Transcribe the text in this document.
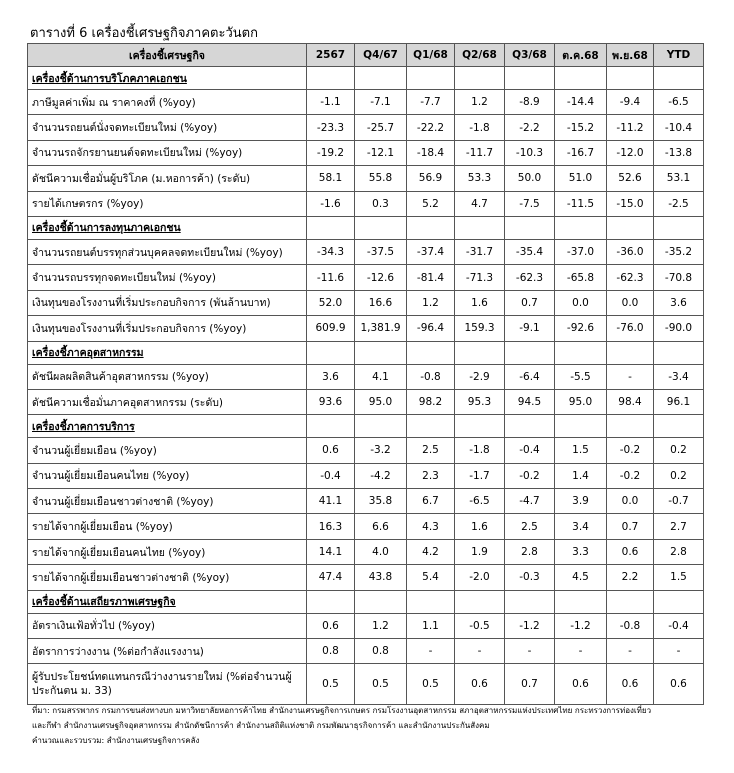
ตารางที่ 6 เครื่องชี้เศรษฐกิจภาคตะวันตก
เครื่องชี้เศรษฐกิจ	2567	Q4/67	Q1/68	Q2/68	Q3/68	ต.ค.68	พ.ย.68	YTD
เครื่องชี้ด้านการบริโภคภาคเอกชน								
ภาษีมูลค่าเพิ่ม ณ ราคาคงที่ (%yoy)	-1.1	-7.1	-7.7	1.2	-8.9	-14.4	-9.4	-6.5
จำนวนรถยนต์นั่งจดทะเบียนใหม่ (%yoy)	-23.3	-25.7	-22.2	-1.8	-2.2	-15.2	-11.2	-10.4
จำนวนรถจักรยานยนต์จดทะเบียนใหม่ (%yoy)	-19.2	-12.1	-18.4	-11.7	-10.3	-16.7	-12.0	-13.8
ดัชนีความเชื่อมั่นผู้บริโภค (ม.หอการค้า) (ระดับ)	58.1	55.8	56.9	53.3	50.0	51.0	52.6	53.1
รายได้เกษตรกร (%yoy)	-1.6	0.3	5.2	4.7	-7.5	-11.5	-15.0	-2.5
เครื่องชี้ด้านการลงทุนภาคเอกชน								
จำนวนรถยนต์บรรทุกส่วนบุคคลจดทะเบียนใหม่ (%yoy)	-34.3	-37.5	-37.4	-31.7	-35.4	-37.0	-36.0	-35.2
จำนวนรถบรรทุกจดทะเบียนใหม่ (%yoy)	-11.6	-12.6	-81.4	-71.3	-62.3	-65.8	-62.3	-70.8
เงินทุนของโรงงานที่เริ่มประกอบกิจการ (พันล้านบาท)	52.0	16.6	1.2	1.6	0.7	0.0	0.0	3.6
เงินทุนของโรงงานที่เริ่มประกอบกิจการ (%yoy)	609.9	1,381.9	-96.4	159.3	-9.1	-92.6	-76.0	-90.0
เครื่องชี้ภาคอุตสาหกรรม								
ดัชนีผลผลิตสินค้าอุตสาหกรรม (%yoy)	3.6	4.1	-0.8	-2.9	-6.4	-5.5	-	-3.4
ดัชนีความเชื่อมั่นภาคอุตสาหกรรม (ระดับ)	93.6	95.0	98.2	95.3	94.5	95.0	98.4	96.1
เครื่องชี้ภาคการบริการ								
จำนวนผู้เยี่ยมเยือน (%yoy)	0.6	-3.2	2.5	-1.8	-0.4	1.5	-0.2	0.2
จำนวนผู้เยี่ยมเยือนคนไทย (%yoy)	-0.4	-4.2	2.3	-1.7	-0.2	1.4	-0.2	0.2
จำนวนผู้เยี่ยมเยือนชาวต่างชาติ (%yoy)	41.1	35.8	6.7	-6.5	-4.7	3.9	0.0	-0.7
รายได้จากผู้เยี่ยมเยือน (%yoy)	16.3	6.6	4.3	1.6	2.5	3.4	0.7	2.7
รายได้จากผู้เยี่ยมเยือนคนไทย (%yoy)	14.1	4.0	4.2	1.9	2.8	3.3	0.6	2.8
รายได้จากผู้เยี่ยมเยือนชาวต่างชาติ (%yoy)	47.4	43.8	5.4	-2.0	-0.3	4.5	2.2	1.5
เครื่องชี้ด้านเสถียรภาพเศรษฐกิจ								
อัตราเงินเฟ้อทั่วไป (%yoy)	0.6	1.2	1.1	-0.5	-1.2	-1.2	-0.8	-0.4
อัตราการว่างงาน (%ต่อกำลังแรงงาน)	0.8	0.8	-	-	-	-	-	-
ผู้รับประโยชน์ทดแทนกรณีว่างงานรายใหม่ (%ต่อจำนวนผู้ประกันตน ม. 33)	0.5	0.5	0.5	0.6	0.7	0.6	0.6	0.6
ที่มา: กรมสรรพากร กรมการขนส่งทางบก มหาวิทยาลัยหอการค้าไทย สำนักงานเศรษฐกิจการเกษตร กรมโรงงานอุตสาหกรรม สภาอุตสาหกรรมแห่งประเทศไทย กระทรวงการท่องเที่ยว
และกีฬา สำนักงานเศรษฐกิจอุตสาหกรรม สำนักดัชนีการค้า สำนักงานสถิติแห่งชาติ กรมพัฒนาธุรกิจการค้า และสำนักงานประกันสังคม
คำนวณและรวบรวม: สำนักงานเศรษฐกิจการคลัง
